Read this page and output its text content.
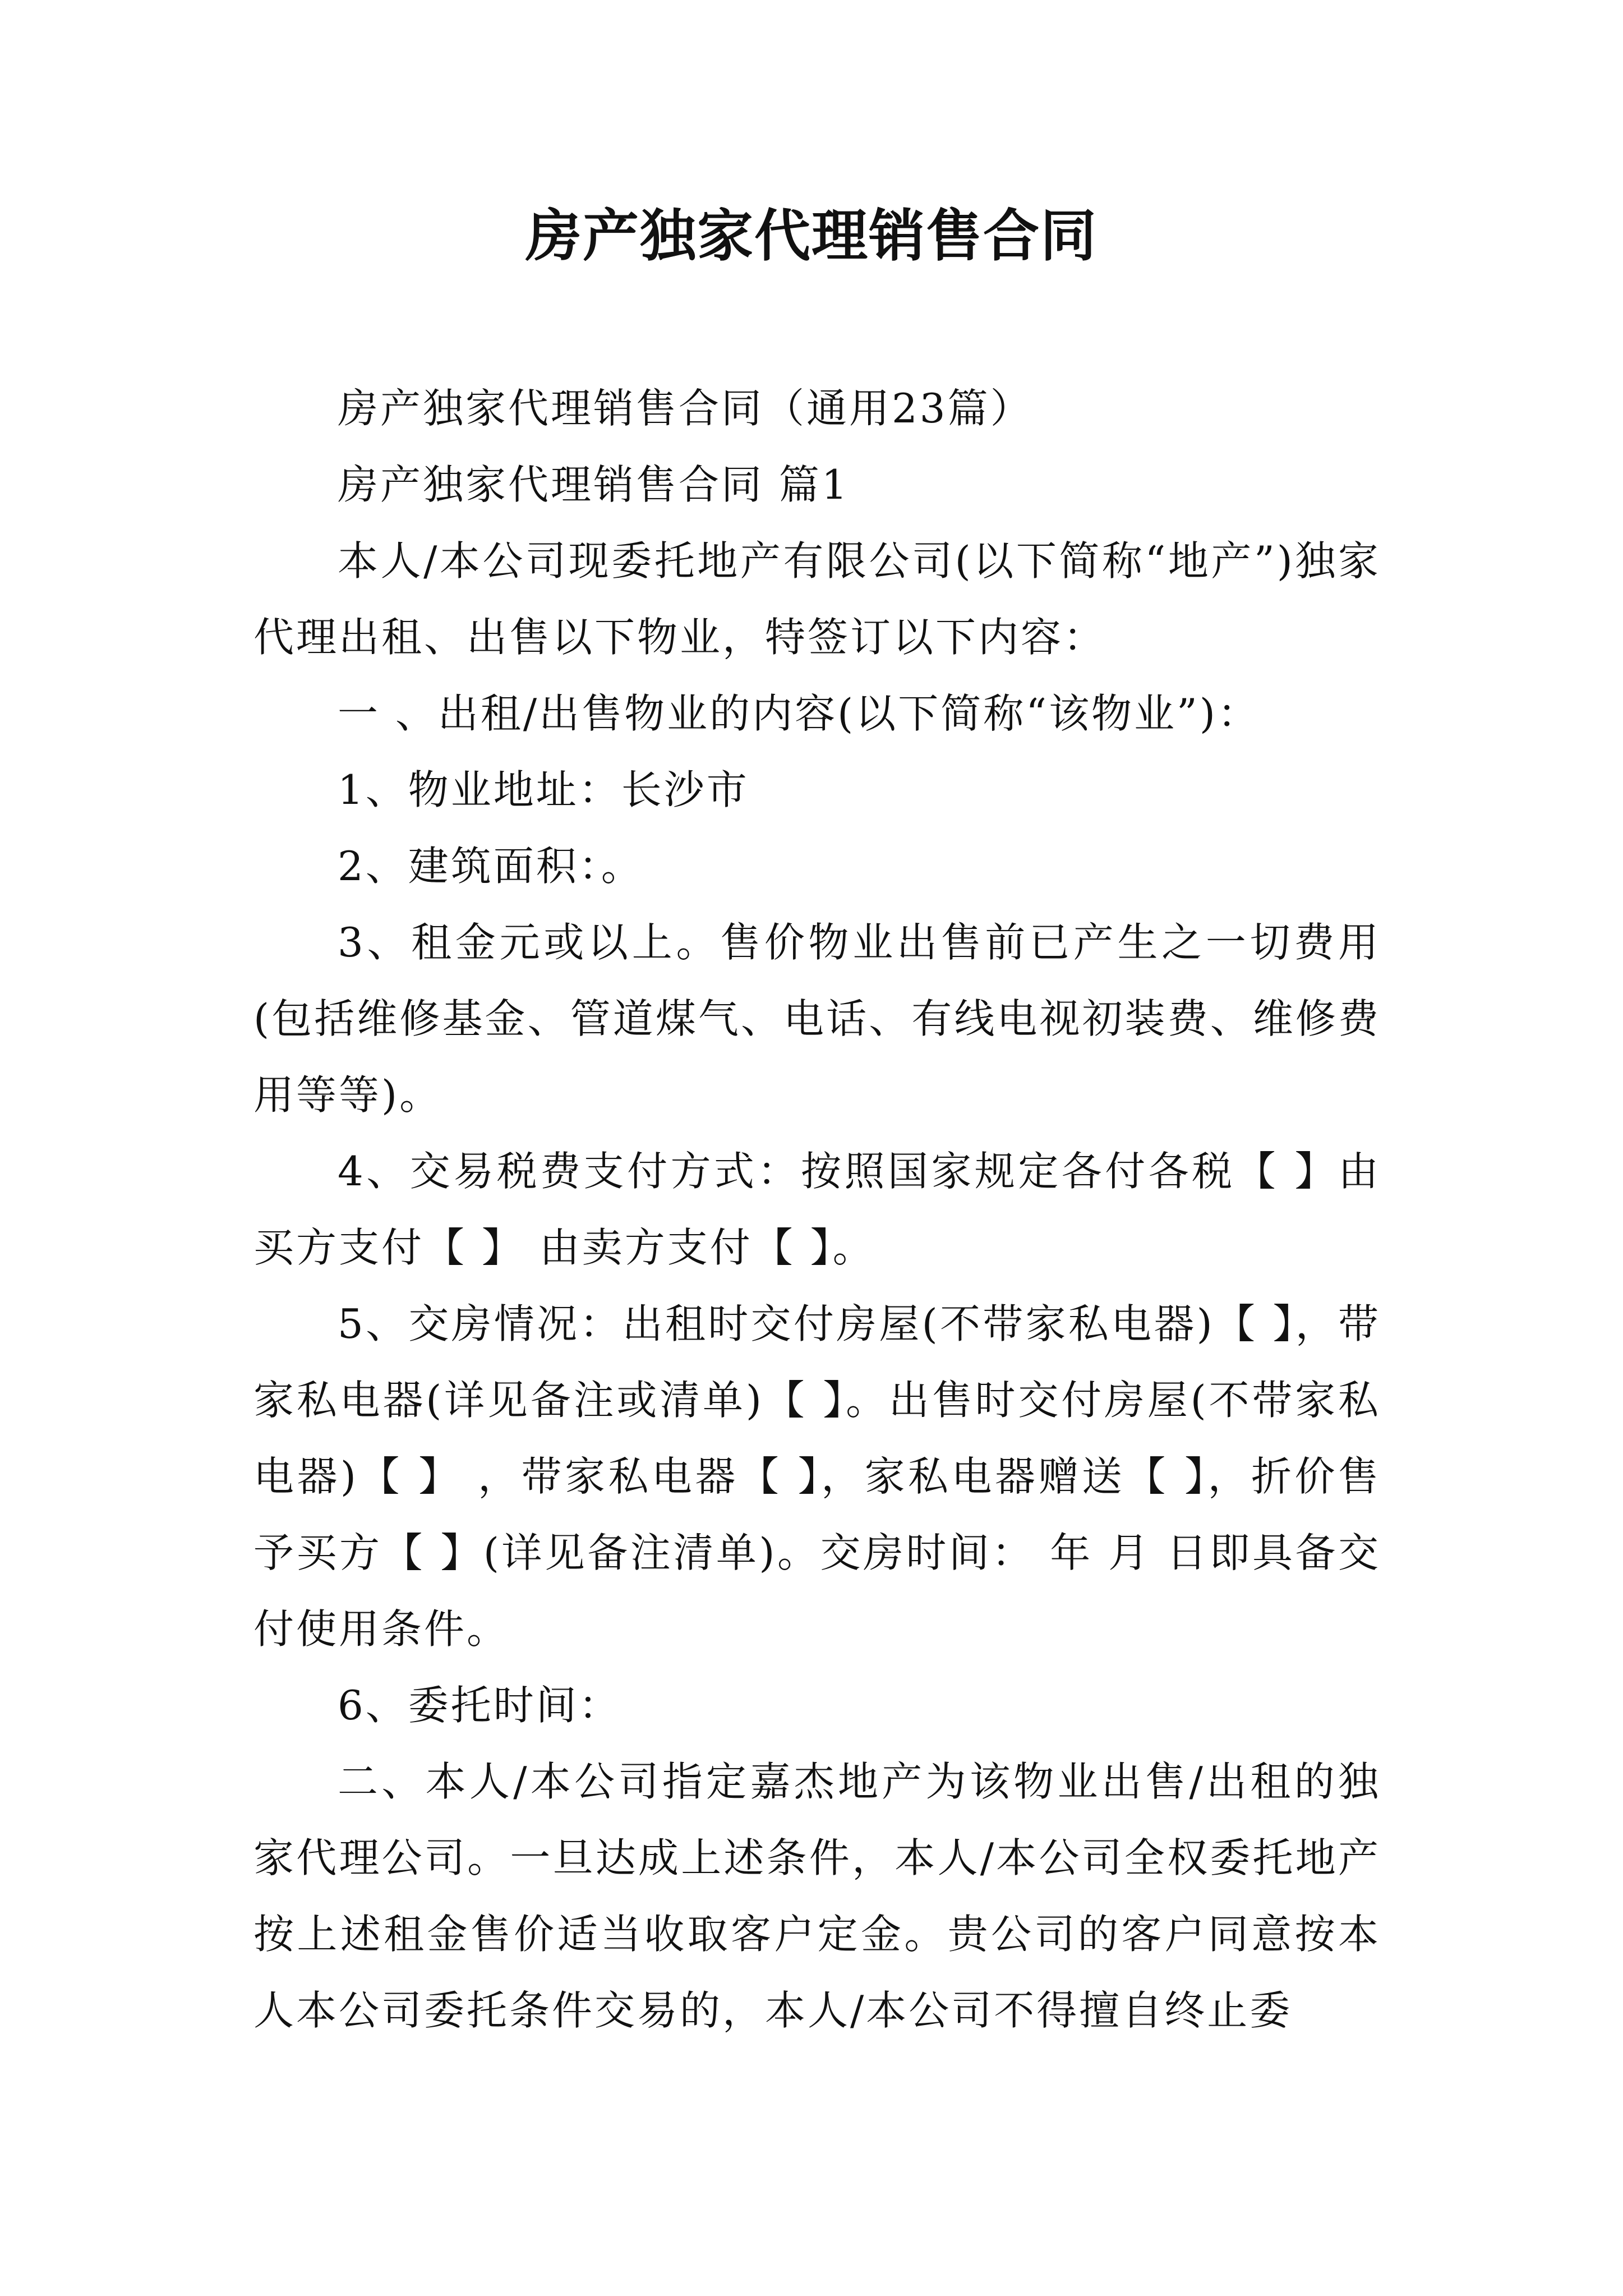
房产独家代理销售合同

房产独家代理销售合同（通用23篇）

房产独家代理销售合同 篇1

本人/本公司现委托地产有限公司(以下简称“地产”)独家代理出租、出售以下物业，特签订以下内容：

一 、出租/出售物业的内容(以下简称“该物业”)：

1、物业地址：长沙市

2、建筑面积：。

3、租金元或以上。售价物业出售前已产生之一切费用(包括维修基金、管道煤气、电话、有线电视初装费、维修费用等等)。

4、交易税费支付方式：按照国家规定各付各税【 】由买方支付【 】 由卖方支付【 】。

5、交房情况：出租时交付房屋(不带家私电器)【 】，带家私电器(详见备注或清单)【 】。出售时交付房屋(不带家私电器)【 】 ，带家私电器【 】，家私电器赠送【 】，折价售予买方【 】(详见备注清单)。交房时间： 年 月 日即具备交付使用条件。

6、委托时间：

二、本人/本公司指定嘉杰地产为该物业出售/出租的独家代理公司。一旦达成上述条件，本人/本公司全权委托地产按上述租金售价适当收取客户定金。贵公司的客户同意按本人本公司委托条件交易的，本人/本公司不得擅自终止委
